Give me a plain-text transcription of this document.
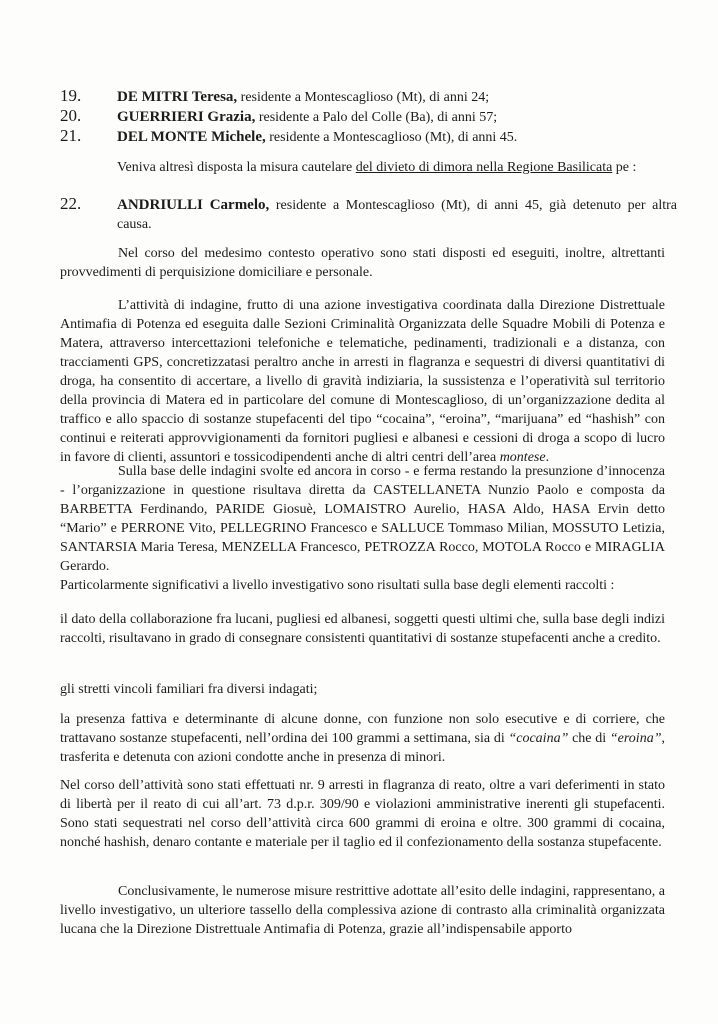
19. DE MITRI Teresa, residente a Montescaglioso (Mt), di anni 24;
20. GUERRIERI Grazia, residente a Palo del Colle (Ba), di anni 57;
21. DEL MONTE Michele, residente a Montescaglioso (Mt), di anni 45.

Veniva altresì disposta la misura cautelare del divieto di dimora nella Regione Basilicata pe :

22. ANDRIULLI Carmelo, residente a Montescaglioso (Mt), di anni 45, già detenuto per altra causa.

Nel corso del medesimo contesto operativo sono stati disposti ed eseguiti, inoltre, altrettanti provvedimenti di perquisizione domiciliare e personale.

L’attività di indagine, frutto di una azione investigativa coordinata dalla Direzione Distrettuale Antimafia di Potenza ed eseguita dalle Sezioni Criminalità Organizzata delle Squadre Mobili di Potenza e Matera, attraverso intercettazioni telefoniche e telematiche, pedinamenti, tradizionali e a distanza, con tracciamenti GPS, concretizzatasi peraltro anche in arresti in flagranza e sequestri di diversi quantitativi di droga, ha consentito di accertare, a livello di gravità indiziaria, la sussistenza e l’operatività sul territorio della provincia di Matera ed in particolare del comune di Montescaglioso, di un’organizzazione dedita al traffico e allo spaccio di sostanze stupefacenti del tipo “cocaina”, “eroina”, “marijuana” ed “hashish” con continui e reiterati approvvigionamenti da fornitori pugliesi e albanesi e cessioni di droga a scopo di lucro in favore di clienti, assuntori e tossicodipendenti anche di altri centri dell’area montese.

Sulla base delle indagini svolte ed ancora in corso - e ferma restando la presunzione d’innocenza - l’organizzazione in questione risultava diretta da CASTELLANETA Nunzio Paolo e composta da BARBETTA Ferdinando, PARIDE Giosuè, LOMAISTRO Aurelio, HASA Aldo, HASA Ervin detto “Mario” e PERRONE Vito, PELLEGRINO Francesco e SALLUCE Tommaso Milian, MOSSUTO Letizia, SANTARSIA Maria Teresa, MENZELLA Francesco, PETROZZA Rocco, MOTOLA Rocco e MIRAGLIA Gerardo.

Particolarmente significativi a livello investigativo sono risultati sulla base degli elementi raccolti :

il dato della collaborazione fra lucani, pugliesi ed albanesi, soggetti questi ultimi che, sulla base degli indizi raccolti, risultavano in grado di consegnare consistenti quantitativi di sostanze stupefacenti anche a credito.

gli stretti vincoli familiari fra diversi indagati;

la presenza fattiva e determinante di alcune donne, con funzione non solo esecutive e di corriere, che trattavano sostanze stupefacenti, nell’ordina dei 100 grammi a settimana, sia di “cocaina” che di “eroina”, trasferita e detenuta con azioni condotte anche in presenza di minori.

Nel corso dell’attività sono stati effettuati nr. 9 arresti in flagranza di reato, oltre a vari deferimenti in stato di libertà per il reato di cui all’art. 73 d.p.r. 309/90 e violazioni amministrative inerenti gli stupefacenti. Sono stati sequestrati nel corso dell’attività circa 600 grammi di eroina e oltre. 300 grammi di cocaina, nonché hashish, denaro contante e materiale per il taglio ed il confezionamento della sostanza stupefacente.

Conclusivamente, le numerose misure restrittive adottate all’esito delle indagini, rappresentano, a livello investigativo, un ulteriore tassello della complessiva azione di contrasto alla criminalità organizzata lucana che la Direzione Distrettuale Antimafia di Potenza, grazie all’indispensabile apporto
